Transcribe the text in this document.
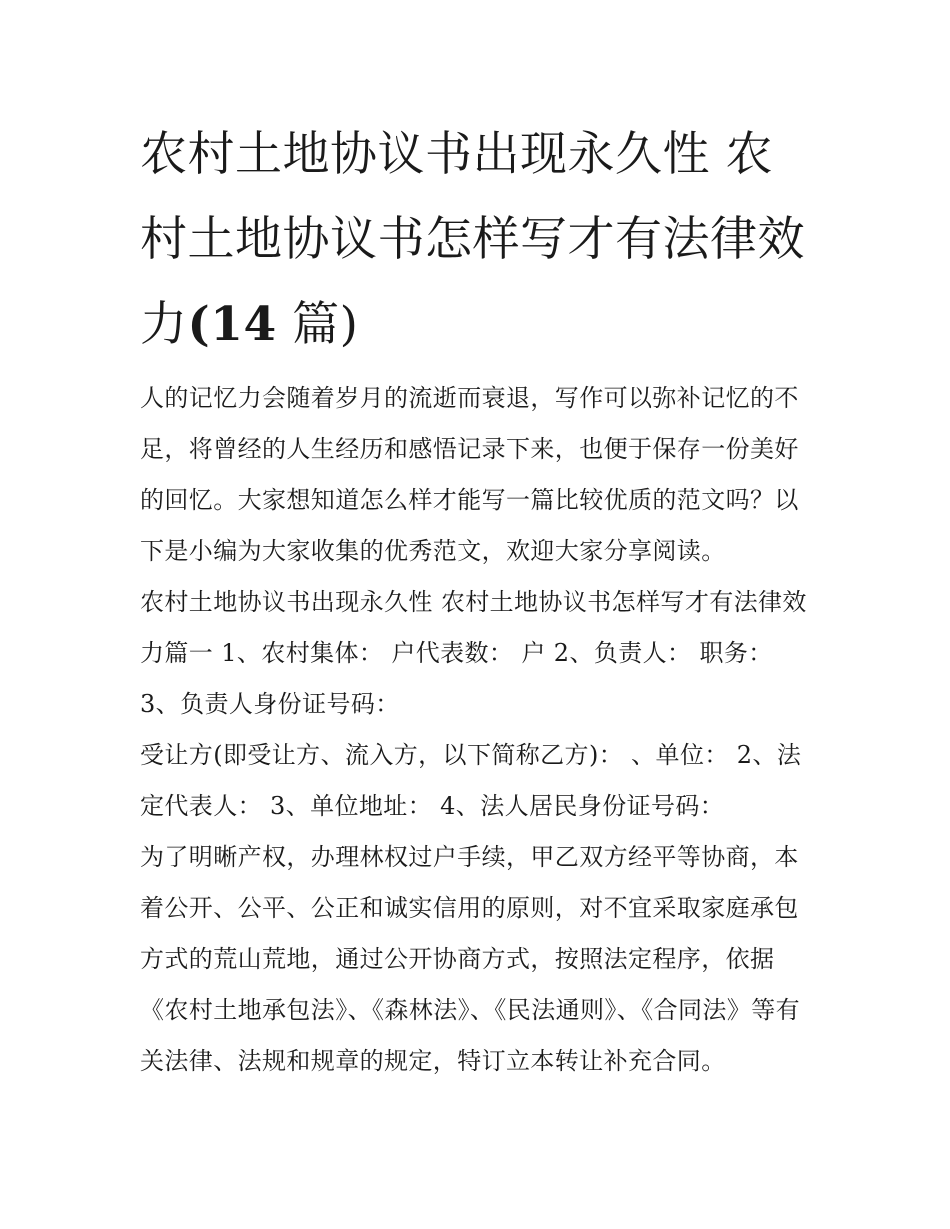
农村土地协议书出现永久性 农村土地协议书怎样写才有法律效力(14 篇)

人的记忆力会随着岁月的流逝而衰退，写作可以弥补记忆的不足，将曾经的人生经历和感悟记录下来，也便于保存一份美好的回忆。大家想知道怎么样才能写一篇比较优质的范文吗？以下是小编为大家收集的优秀范文，欢迎大家分享阅读。

农村土地协议书出现永久性 农村土地协议书怎样写才有法律效力篇一 1、农村集体： 户代表数： 户 2、负责人： 职务： 3、负责人身份证号码：

受让方(即受让方、流入方，以下简称乙方)： 、单位： 2、法定代表人： 3、单位地址： 4、法人居民身份证号码：

为了明晰产权，办理林权过户手续，甲乙双方经平等协商，本着公开、公平、公正和诚实信用的原则，对不宜采取家庭承包方式的荒山荒地，通过公开协商方式，按照法定程序，依据《农村土地承包法》、《森林法》、《民法通则》、《合同法》等有关法律、法规和规章的规定，特订立本转让补充合同。
